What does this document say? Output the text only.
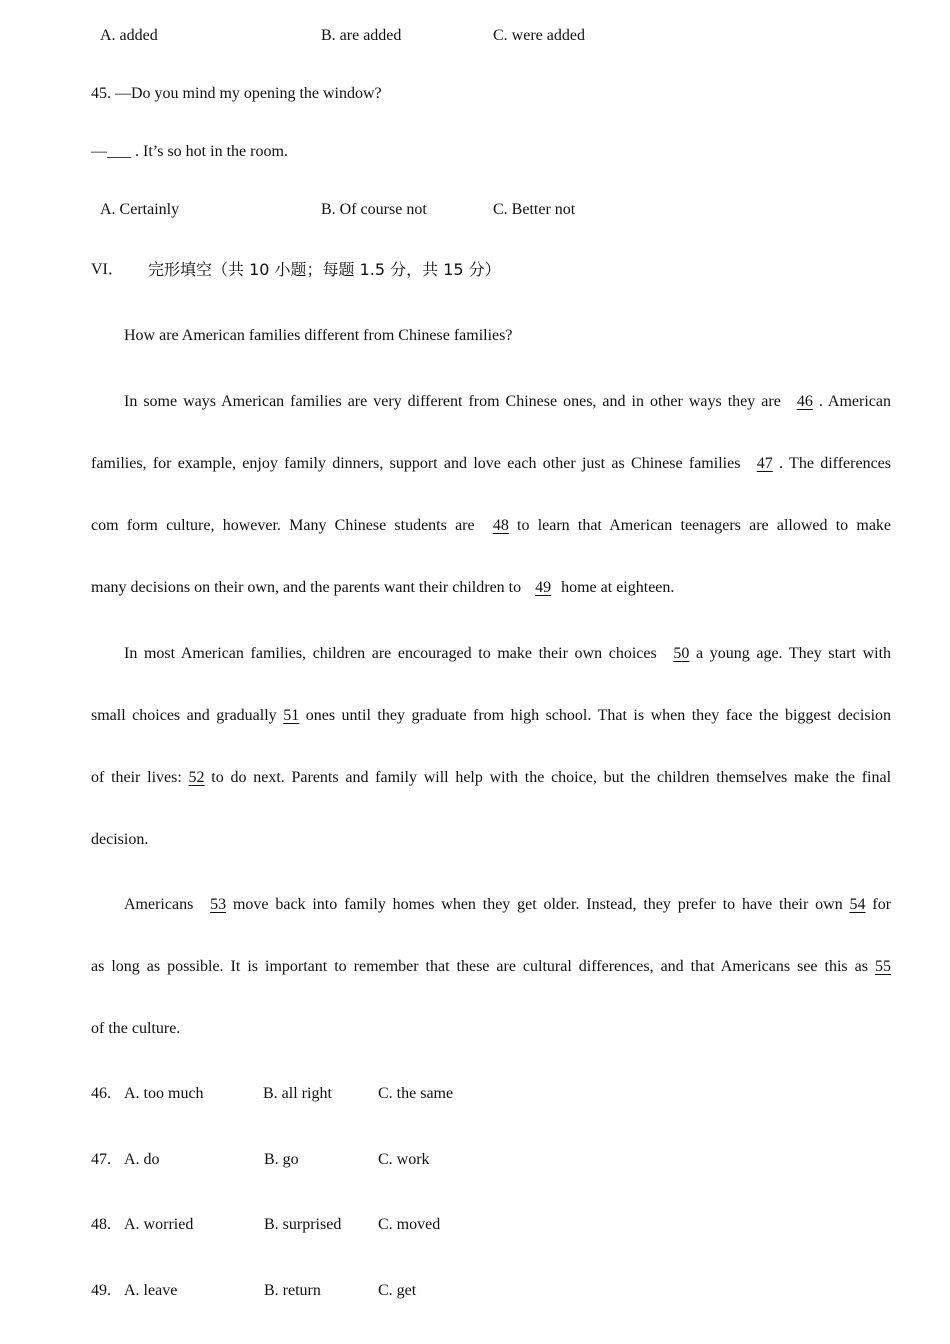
A. added	B. are added	C. were added
45. —Do you mind my opening the window?
—___ . It’s so hot in the room.
A. Certainly	B. Of course not	C. Better not
VI． 完形填空（共 10 小题；每题 1.5 分，共 15 分）
How are American families different from Chinese families?
In some ways American families are very different from Chinese ones, and in other ways they are 46 . American
families, for example, enjoy family dinners, support and love each other just as Chinese families 47 . The differences
com form culture, however. Many Chinese students are 48 to learn that American teenagers are allowed to make
many decisions on their own, and the parents want their children to 49 home at eighteen.
In most American families, children are encouraged to make their own choices 50 a young age. They start with
small choices and gradually 51 ones until they graduate from high school. That is when they face the biggest decision
of their lives: 52 to do next. Parents and family will help with the choice, but the children themselves make the final
decision.
Americans 53 move back into family homes when they get older. Instead, they prefer to have their own 54 for
as long as possible. It is important to remember that these are cultural differences, and that Americans see this as 55
of the culture.
46. A. too much	B. all right	C. the same
47. A. do	B. go	C. work
48. A. worried	B. surprised C. moved
49. A. leave	B. return	C. get
